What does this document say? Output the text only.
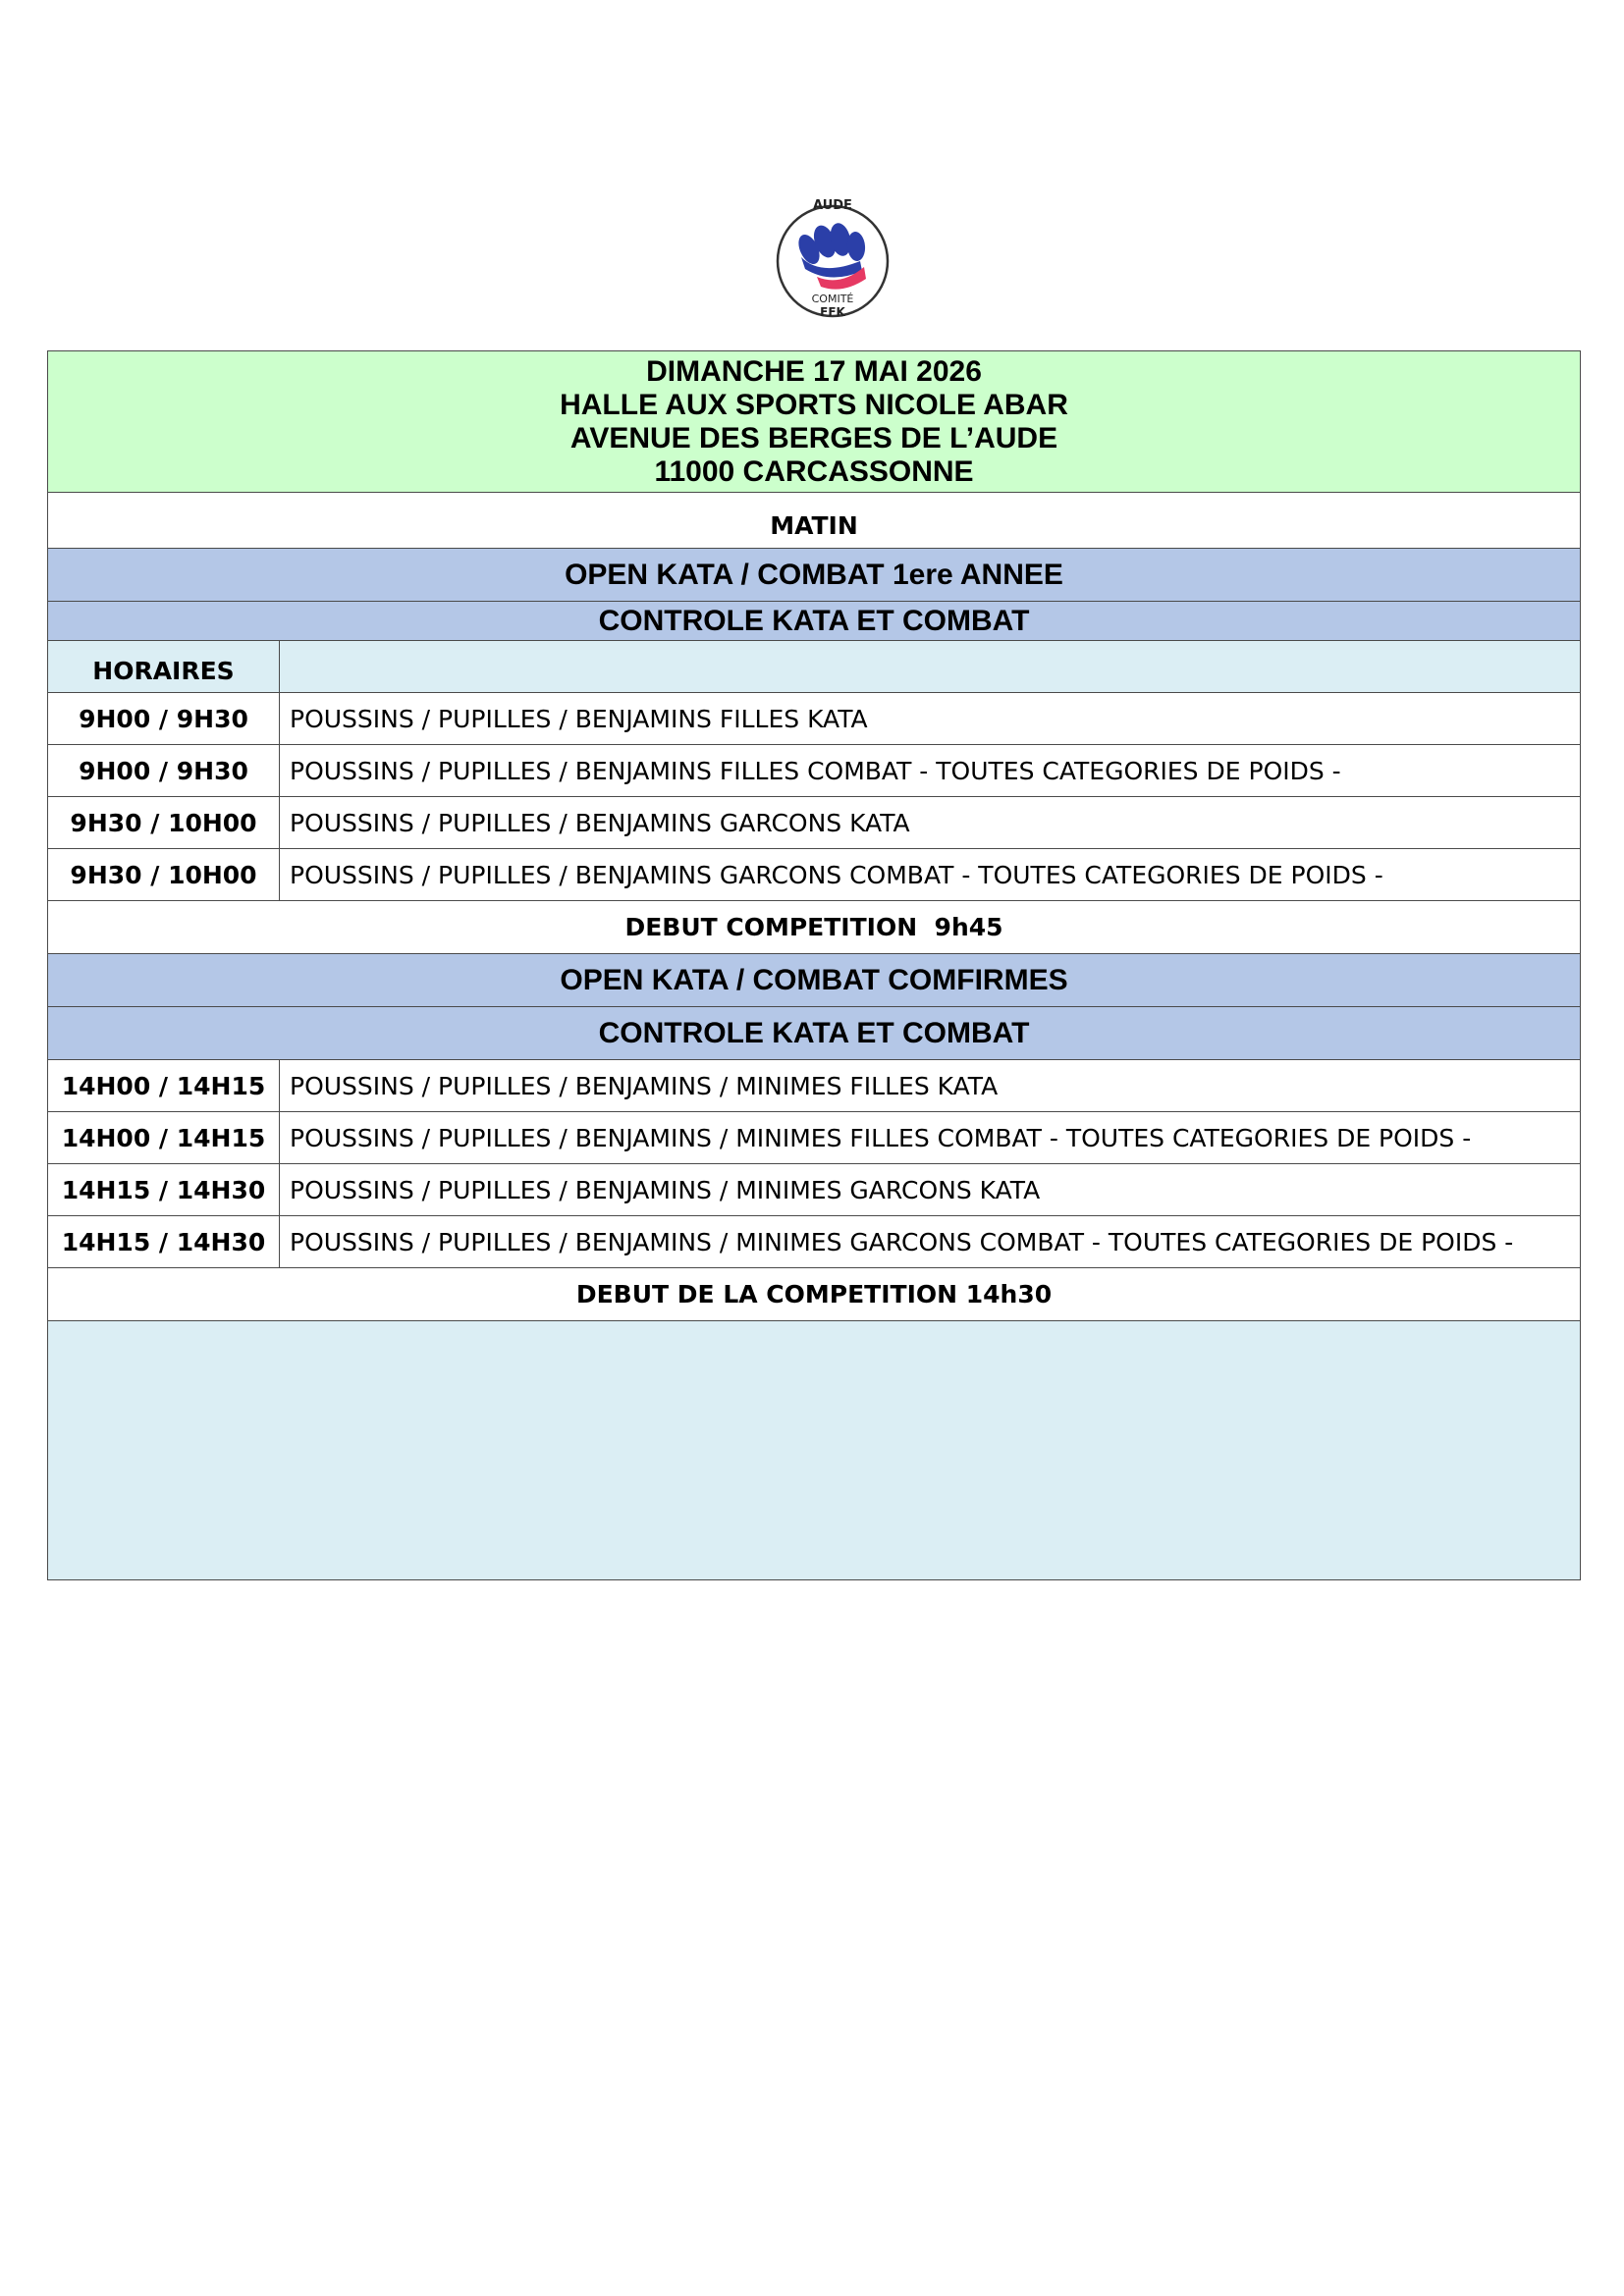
AUDE
COMITÉ
FFK
DIMANCHE 17 MAI 2026
HALLE AUX SPORTS NICOLE ABAR
AVENUE DES BERGES DE L’AUDE
11000 CARCASSONNE
MATIN
OPEN KATA / COMBAT 1ere ANNEE
CONTROLE KATA ET COMBAT
HORAIRES
9H00 / 9H30	POUSSINS / PUPILLES / BENJAMINS FILLES KATA
9H00 / 9H30	POUSSINS / PUPILLES / BENJAMINS FILLES COMBAT - TOUTES CATEGORIES DE POIDS -
9H30 / 10H00	POUSSINS / PUPILLES / BENJAMINS GARCONS KATA
9H30 / 10H00	POUSSINS / PUPILLES / BENJAMINS GARCONS COMBAT - TOUTES CATEGORIES DE POIDS -
DEBUT COMPETITION  9h45
OPEN KATA / COMBAT COMFIRMES
CONTROLE KATA ET COMBAT
14H00 / 14H15 POUSSINS / PUPILLES / BENJAMINS / MINIMES FILLES KATA
14H00 / 14H15 POUSSINS / PUPILLES / BENJAMINS / MINIMES FILLES COMBAT - TOUTES CATEGORIES DE POIDS -
14H15 / 14H30 POUSSINS / PUPILLES / BENJAMINS / MINIMES GARCONS KATA
14H15 / 14H30 POUSSINS / PUPILLES / BENJAMINS / MINIMES GARCONS COMBAT - TOUTES CATEGORIES DE POIDS -
DEBUT DE LA COMPETITION 14h30
